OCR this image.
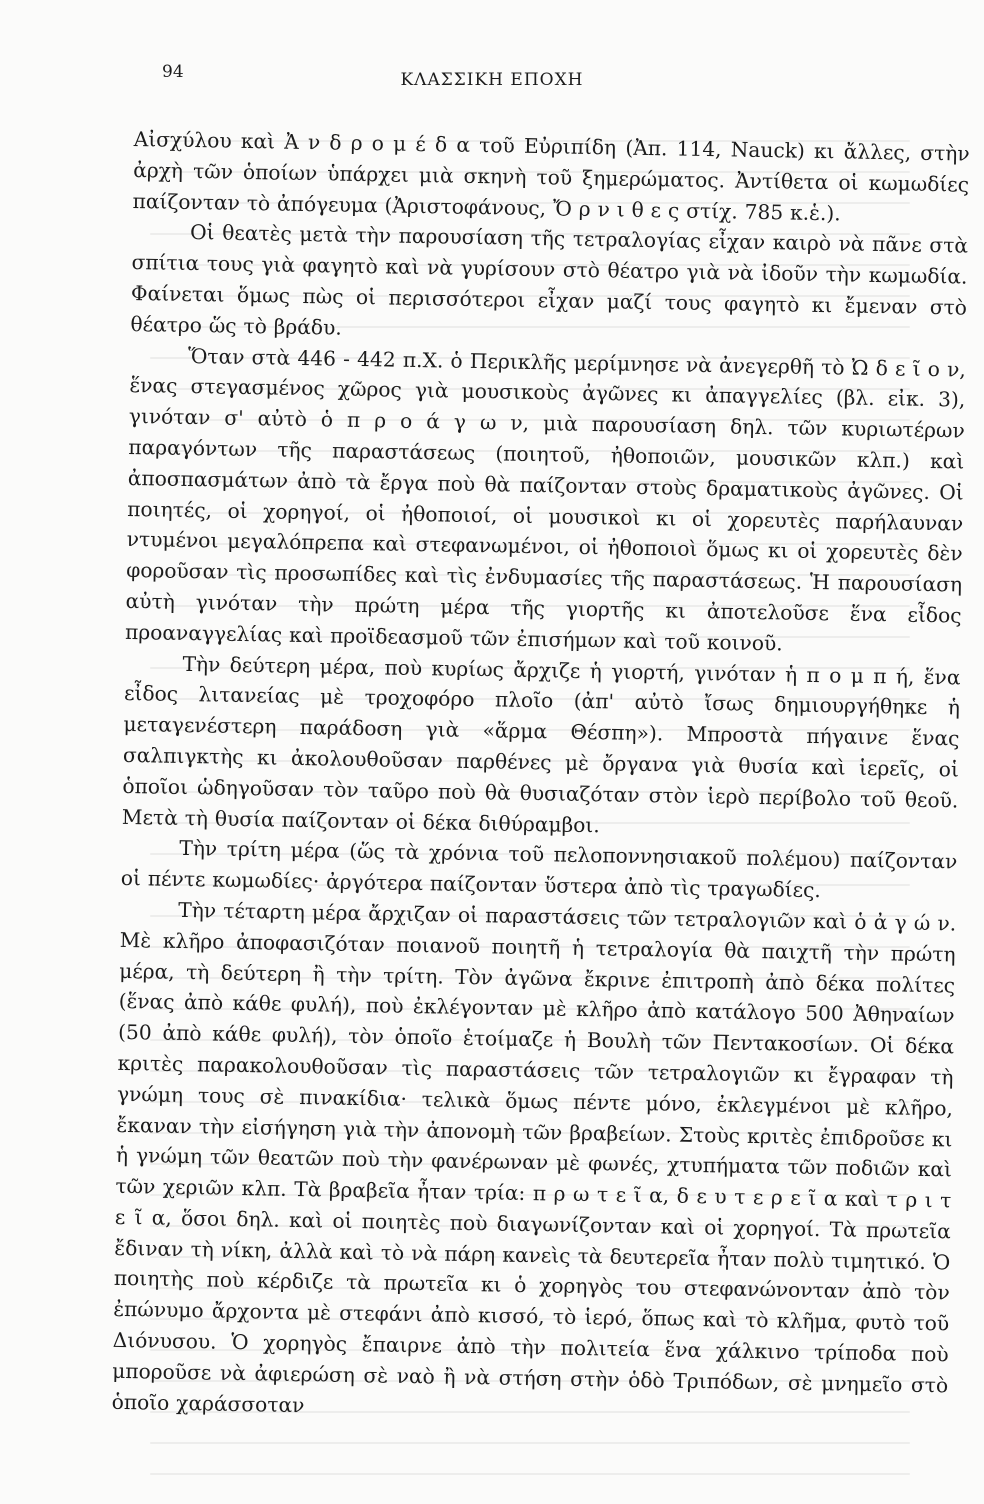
94	ΚΛΑΣΣΙΚΗ ΕΠΟΧΗ

Αἰσχύλου καὶ Ἀ ν δ ρ ο μ έ δ α τοῦ Εὐριπίδη (Ἀπ. 114, Nauck) κι ἄλλες, στὴν ἀρχὴ τῶν ὁποίων ὑπάρχει μιὰ σκηνὴ τοῦ ξημερώματος. Ἀντίθετα οἱ κωμωδίες παίζονταν τὸ ἀπόγευμα (Ἀριστοφάνους, Ὄ ρ ν ι θ ε ς στίχ. 785 κ.ἑ.).

Οἱ θεατὲς μετὰ τὴν παρουσίαση τῆς τετραλογίας εἶχαν καιρὸ νὰ πᾶνε στὰ σπίτια τους γιὰ φαγητὸ καὶ νὰ γυρίσουν στὸ θέατρο γιὰ νὰ ἰδοῦν τὴν κωμωδία. Φαίνεται ὅμως πὼς οἱ περισσότεροι εἶχαν μαζί τους φαγητὸ κι ἔμεναν στὸ θέατρο ὥς τὸ βράδυ.

Ὅταν στὰ 446 - 442 π.Χ. ὁ Περικλῆς μερίμνησε νὰ ἀνεγερθῆ τὸ Ὠ δ ε ῖ ο ν, ἕνας στεγασμένος χῶρος γιὰ μουσικοὺς ἀγῶνες κι ἀπαγγελίες (βλ. εἰκ. 3), γινόταν σ' αὐτὸ ὁ π ρ ο ά γ ω ν, μιὰ παρουσίαση δηλ. τῶν κυριωτέρων παραγόντων τῆς παραστάσεως (ποιητοῦ, ἠθοποιῶν, μουσικῶν κλπ.) καὶ ἀποσπασμάτων ἀπὸ τὰ ἔργα ποὺ θὰ παίζονταν στοὺς δραματικοὺς ἀγῶνες. Οἱ ποιητές, οἱ χορηγοί, οἱ ἠθοποιοί, οἱ μουσικοὶ κι οἱ χορευτὲς παρήλαυναν ντυμένοι μεγαλόπρεπα καὶ στεφανωμένοι, οἱ ἠθοποιοὶ ὅμως κι οἱ χορευτὲς δὲν φοροῦσαν τὶς προσωπίδες καὶ τὶς ἐνδυμασίες τῆς παραστάσεως. Ἡ παρουσίαση αὐτὴ γινόταν τὴν πρώτη μέρα τῆς γιορτῆς κι ἀποτελοῦσε ἕνα εἶδος προαναγγελίας καὶ προϊδεασμοῦ τῶν ἐπισήμων καὶ τοῦ κοινοῦ.

Τὴν δεύτερη μέρα, ποὺ κυρίως ἄρχιζε ἡ γιορτή, γινόταν ἡ π ο μ π ή, ἕνα εἶδος λιτανείας μὲ τροχοφόρο πλοῖο (ἀπ' αὐτὸ ἴσως δημιουργήθηκε ἡ μεταγενέστερη παράδοση γιὰ «ἅρμα Θέσπη»). Μπροστὰ πήγαινε ἕνας σαλπιγκτὴς κι ἀκολουθοῦσαν παρθένες μὲ ὄργανα γιὰ θυσία καὶ ἱερεῖς, οἱ ὁποῖοι ὡδηγοῦσαν τὸν ταῦρο ποὺ θὰ θυσιαζόταν στὸν ἱερὸ περίβολο τοῦ θεοῦ. Μετὰ τὴ θυσία παίζονταν οἱ δέκα διθύραμβοι.

Τὴν τρίτη μέρα (ὥς τὰ χρόνια τοῦ πελοποννησιακοῦ πολέμου) παίζονταν οἱ πέντε κωμωδίες· ἀργότερα παίζονταν ὕστερα ἀπὸ τὶς τραγωδίες.

Τὴν τέταρτη μέρα ἄρχιζαν οἱ παραστάσεις τῶν τετραλογιῶν καὶ ὁ ἀ γ ώ ν. Μὲ κλῆρο ἀποφασιζόταν ποιανοῦ ποιητῆ ἡ τετραλογία θὰ παιχτῆ τὴν πρώτη μέρα, τὴ δεύτερη ἢ τὴν τρίτη. Τὸν ἀγῶνα ἔκρινε ἐπιτροπὴ ἀπὸ δέκα πολίτες (ἕνας ἀπὸ κάθε φυλή), ποὺ ἐκλέγονταν μὲ κλῆρο ἀπὸ κατάλογο 500 Ἀθηναίων (50 ἀπὸ κάθε φυλή), τὸν ὁποῖο ἑτοίμαζε ἡ Βουλὴ τῶν Πεντακοσίων. Οἱ δέκα κριτὲς παρακολουθοῦσαν τὶς παραστάσεις τῶν τετραλογιῶν κι ἔγραφαν τὴ γνώμη τους σὲ πινακίδια· τελικὰ ὅμως πέντε μόνο, ἐκλεγμένοι μὲ κλῆρο, ἔκαναν τὴν εἰσήγηση γιὰ τὴν ἀπονομὴ τῶν βραβείων. Στοὺς κριτὲς ἐπιδροῦσε κι ἡ γνώμη τῶν θεατῶν ποὺ τὴν φανέρωναν μὲ φωνές, χτυπήματα τῶν ποδιῶν καὶ τῶν χεριῶν κλπ. Τὰ βραβεῖα ἦταν τρία: π ρ ω τ ε ῖ α, δ ε υ τ ε ρ ε ῖ α καὶ τ ρ ι τ ε ῖ α, ὅσοι δηλ. καὶ οἱ ποιητὲς ποὺ διαγωνίζονταν καὶ οἱ χορηγοί. Τὰ πρωτεῖα ἔδιναν τὴ νίκη, ἀλλὰ καὶ τὸ νὰ πάρη κανεὶς τὰ δευτερεῖα ἦταν πολὺ τιμητικό. Ὁ ποιητὴς ποὺ κέρδιζε τὰ πρωτεῖα κι ὁ χορηγὸς του στεφανώνονταν ἀπὸ τὸν ἐπώνυμο ἄρχοντα μὲ στεφάνι ἀπὸ κισσό, τὸ ἱερό, ὅπως καὶ τὸ κλῆμα, φυτὸ τοῦ Διόνυσου. Ὁ χορηγὸς ἔπαιρνε ἀπὸ τὴν πολιτεία ἕνα χάλκινο τρίποδα ποὺ μποροῦσε νὰ ἀφιερώση σὲ ναὸ ἢ νὰ στήση στὴν ὁδὸ Τριπόδων, σὲ μνημεῖο στὸ ὁποῖο χαράσσοταν
